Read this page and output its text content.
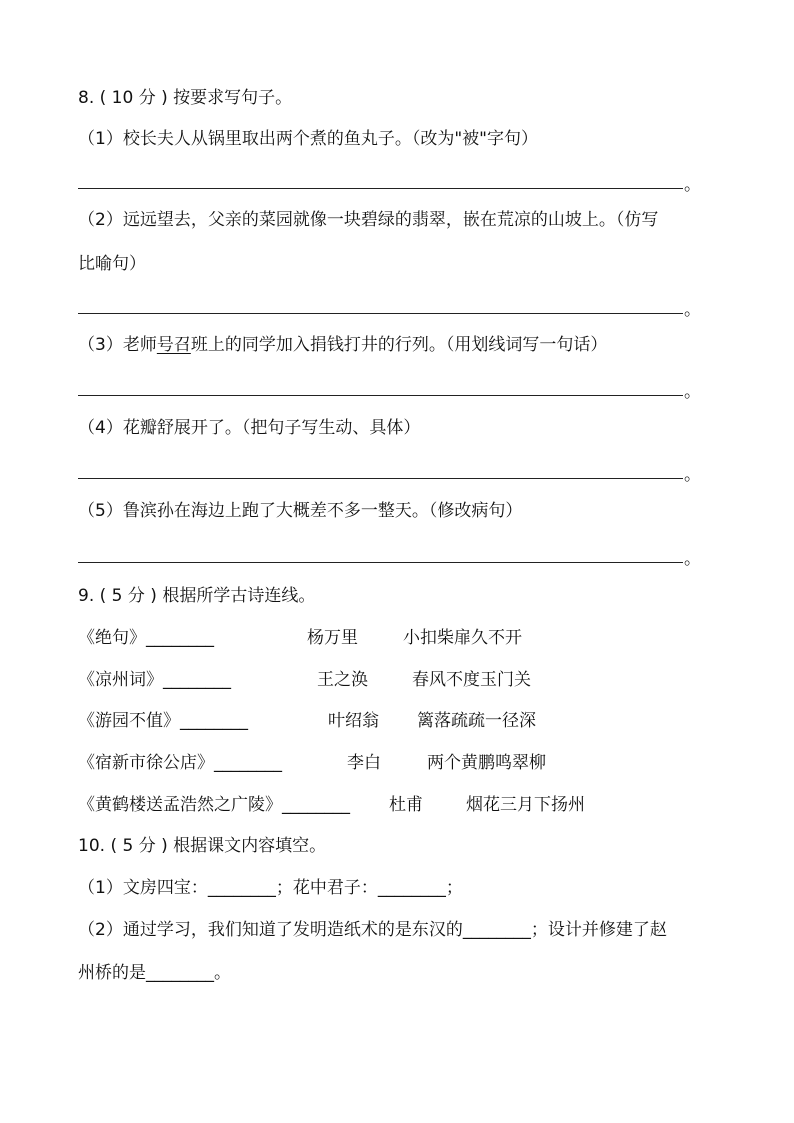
8. ( 10 分 ) 按要求写句子。
（1）校长夫人从锅里取出两个煮的鱼丸子。（改为"被"字句）
。
（2）远远望去，父亲的菜园就像一块碧绿的翡翠，嵌在荒凉的山坡上。（仿写
比喻句）
。
（3）老师号召班上的同学加入捐钱打井的行列。（用划线词写一句话）
。
（4）花瓣舒展开了。（把句子写生动、具体）
。
（5）鲁滨孙在海边上跑了大概差不多一整天。（修改病句）
。
9. ( 5 分 ) 根据所学古诗连线。
《绝句》________	杨万里	小扣柴扉久不开
《凉州词》________	王之涣	春风不度玉门关
《游园不值》________	叶绍翁 篱落疏疏一径深
《宿新市徐公店》________	李白	两个黄鹏鸣翠柳
《黄鹤楼送孟浩然之广陵》________ 杜甫	烟花三月下扬州
10. ( 5 分 ) 根据课文内容填空。
（1）文房四宝：________；花中君子：________；
（2）通过学习，我们知道了发明造纸术的是东汉的________；设计并修建了赵
州桥的是________。
